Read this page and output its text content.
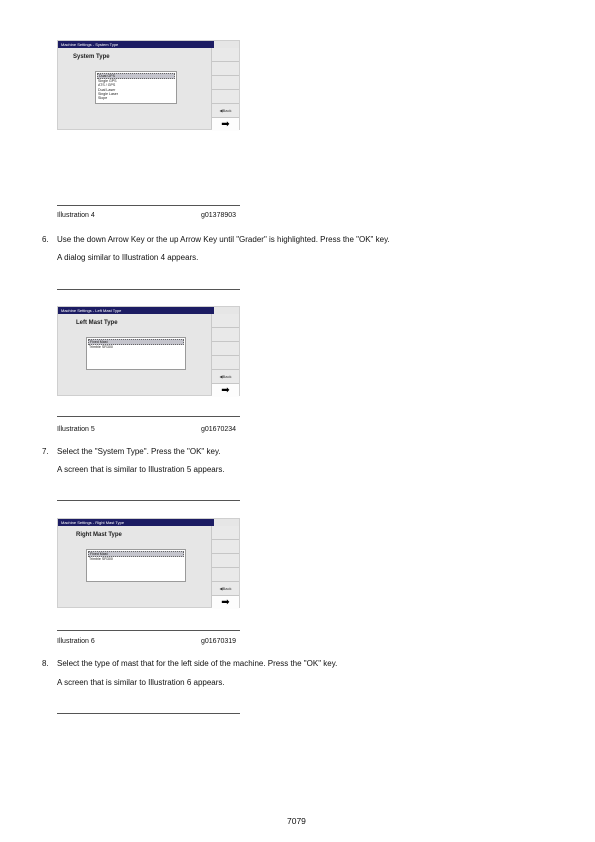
Machine Settings - System Type
System Type
Dual GPS
Single GPS
ATS / GPS
Dual Laser
Single Laser
Slope
◀ Back
➡
Illustration 4	g01378903
6. Use the down Arrow Key or the up Arrow Key until "Grader" is highlighted. Press the "OK" key.
A dialog similar to Illustration 4 appears.
Machine Settings - Left Mast Type
Left Mast Type
Fixed Mast
Trimble SR300
◀ Back
➡
Illustration 5	g01670234
7. Select the "System Type". Press the "OK" key.
A screen that is similar to Illustration 5 appears.
Machine Settings - Right Mast Type
Right Mast Type
Fixed Mast
Trimble SR300
◀ Back
➡
Illustration 6	g01670319
8. Select the type of mast that for the left side of the machine. Press the "OK" key.
A screen that is similar to Illustration 6 appears.
7079
